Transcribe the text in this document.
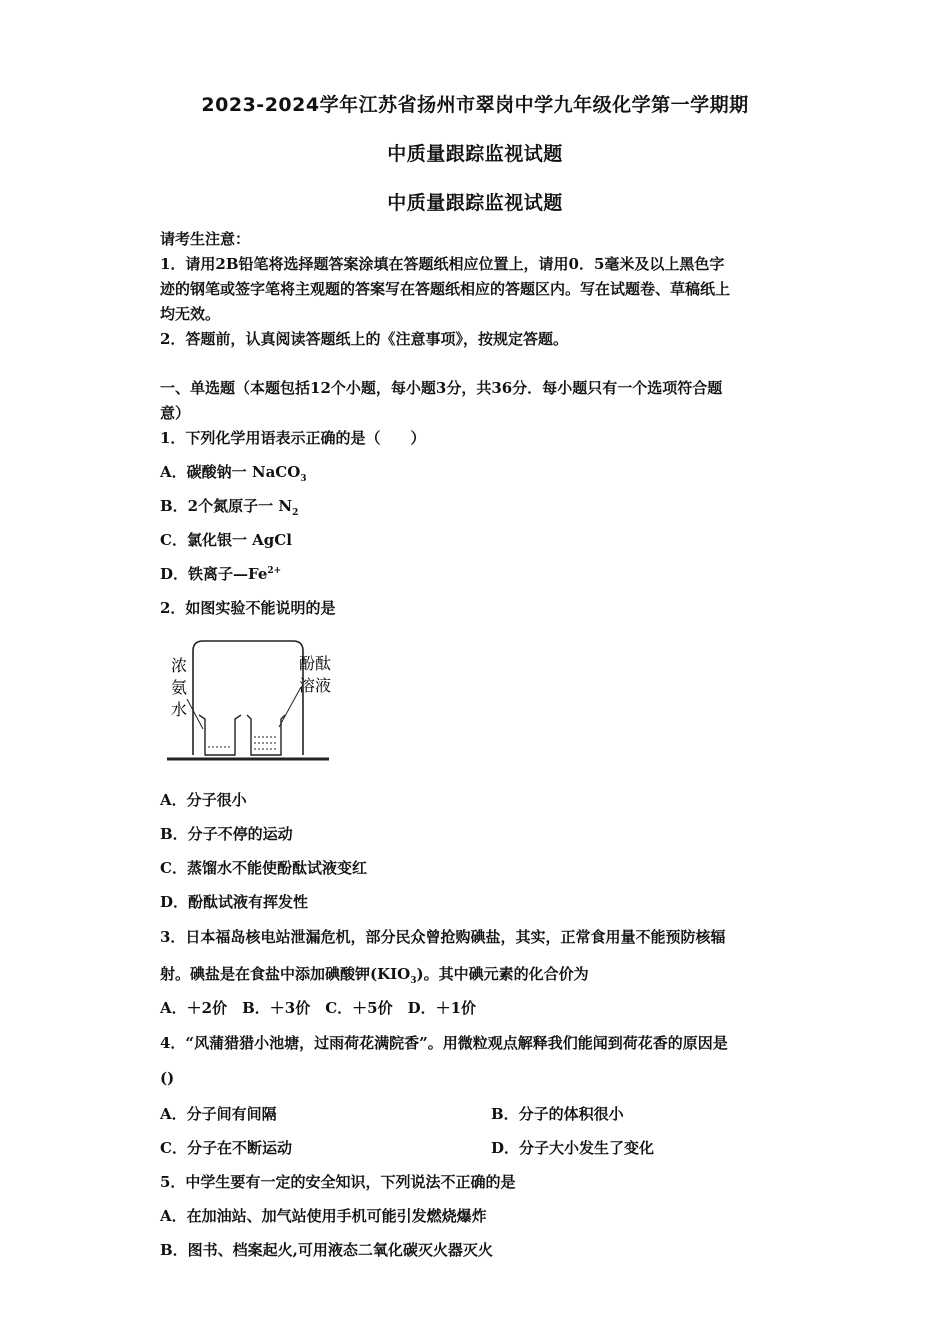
2023-2024学年江苏省扬州市翠岗中学九年级化学第一学期期
中质量跟踪监视试题
中质量跟踪监视试题
请考生注意：
1．请用2B铅笔将选择题答案涂填在答题纸相应位置上，请用0．5毫米及以上黑色字
迹的钢笔或签字笔将主观题的答案写在答题纸相应的答题区内。写在试题卷、草稿纸上
均无效。
2．答题前，认真阅读答题纸上的《注意事项》，按规定答题。
一、单选题（本题包括12个小题，每小题3分，共36分．每小题只有一个选项符合题
意）
1．下列化学用语表示正确的是（　　）
A．碳酸钠一 NaCO$_3$
B．2个氮原子一 $N_2$
C．氯化银一 AgCl
D．铁离子$—Fe^{2+}$
2．如图实验不能说明的是
浓
氨
水
酚酞
溶液
A．分子很小
B．分子不停的运动
C．蒸馏水不能使酚酞试液变红
D．酚酞试液有挥发性
3．日本福岛核电站泄漏危机，部分民众曾抢购碘盐，其实，正常食用量不能预防核辐
射。碘盐是在食盐中添加碘酸钾$(KIO_3)$。其中碘元素的化合价为
A．＋2价　B．＋3价　C．＋5价　D．＋1价
4．“风蒲猎猎小池塘，过雨荷花满院香”。用微粒观点解释我们能闻到荷花香的原因是
()
A．分子间有间隔	B．分子的体积很小
C．分子在不断运动	D．分子大小发生了变化
5．中学生要有一定的安全知识，下列说法不正确的是
A．在加油站、加气站使用手机可能引发燃烧爆炸
B．图书、档案起火,可用液态二氧化碳灭火器灭火
